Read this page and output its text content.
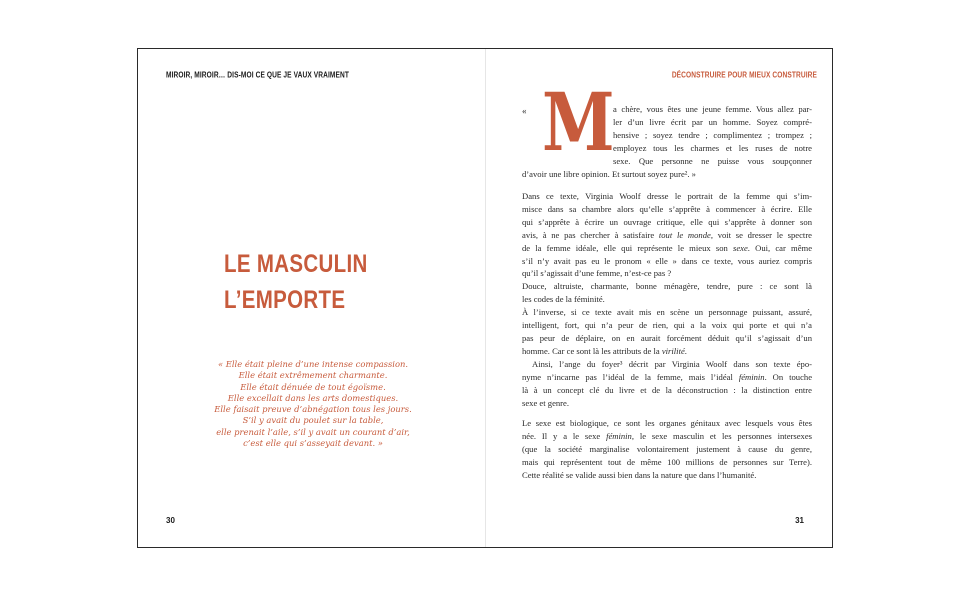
MIROIR, MIROIR… DIS-MOI CE QUE JE VAUX VRAIMENT
LE MASCULIN
L’EMPORTE
« Elle était pleine d’une intense compassion.
Elle était extrêmement charmante.
Elle était dénuée de tout égoïsme.
Elle excellait dans les arts domestiques.
Elle faisait preuve d’abnégation tous les jours.
S’il y avait du poulet sur la table,
elle prenait l’aile, s’il y avait un courant d’air,
c’est elle qui s’asseyait devant. »
30
DÉCONSTRUIRE POUR MIEUX CONSTRUIRE
« M
a chère, vous êtes une jeune femme. Vous allez par-
ler d’un livre écrit par un homme. Soyez compré-
hensive ; soyez tendre ; complimentez ; trompez ;
employez tous les charmes et les ruses de notre
sexe. Que personne ne puisse vous soupçonner
d’avoir une libre opinion. Et surtout soyez pure². »
Dans ce texte, Virginia Woolf dresse le portrait de la femme qui s’im-
misce dans sa chambre alors qu’elle s’apprête à commencer à écrire. Elle
qui s’apprête à écrire un ouvrage critique, elle qui s’apprête à donner son
avis, à ne pas chercher à satisfaire tout le monde, voit se dresser le spectre
de la femme idéale, elle qui représente le mieux son sexe. Oui, car même
s’il n’y avait pas eu le pronom « elle » dans ce texte, vous auriez compris
qu’il s’agissait d’une femme, n’est-ce pas ?
Douce, altruiste, charmante, bonne ménagère, tendre, pure : ce sont là
les codes de la féminité.
À l’inverse, si ce texte avait mis en scène un personnage puissant, assuré,
intelligent, fort, qui n’a peur de rien, qui a la voix qui porte et qui n’a
pas peur de déplaire, on en aurait forcément déduit qu’il s’agissait d’un
homme. Car ce sont là les attributs de la virilité.
Ainsi, l’ange du foyer³ décrit par Virginia Woolf dans son texte épo-
nyme n’incarne pas l’idéal de la femme, mais l’idéal féminin. On touche
là à un concept clé du livre et de la déconstruction : la distinction entre
sexe et genre.
Le sexe est biologique, ce sont les organes génitaux avec lesquels vous êtes
née. Il y a le sexe féminin, le sexe masculin et les personnes intersexes
(que la société marginalise volontairement justement à cause du genre,
mais qui représentent tout de même 100 millions de personnes sur Terre).
Cette réalité se valide aussi bien dans la nature que dans l’humanité.
31
